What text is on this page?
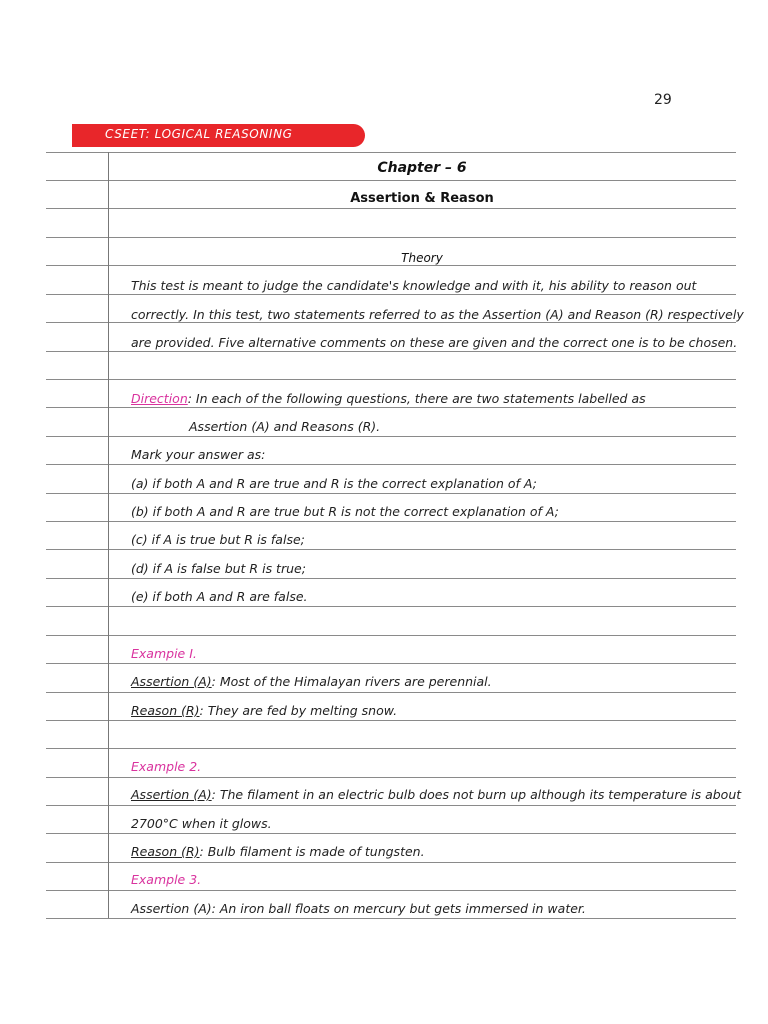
29
CSEET: LOGICAL REASONING
Chapter – 6
Assertion & Reason
Theory
This test is meant to judge the candidate's knowledge and with it, his ability to reason out
correctly. In this test, two statements referred to as the Assertion (A) and Reason (R) respectively
are provided. Five alternative comments on these are given and the correct one is to be chosen.
Direction: In each of the following questions, there are two statements labelled as
Assertion (A) and Reasons (R).
Mark your answer as:
(a) if both A and R are true and R is the correct explanation of A;
(b) if both A and R are true but R is not the correct explanation of A;
(c) if A is true but R is false;
(d) if A is false but R is true;
(e) if both A and R are false.
Exampie I.
Assertion (A): Most of the Himalayan rivers are perennial.
Reason (R): They are fed by melting snow.
Example 2.
Assertion (A): The filament in an electric bulb does not burn up although its temperature is about
2700°C when it glows.
Reason (R): Bulb filament is made of tungsten.
Example 3.
Assertion (A): An iron ball floats on mercury but gets immersed in water.
